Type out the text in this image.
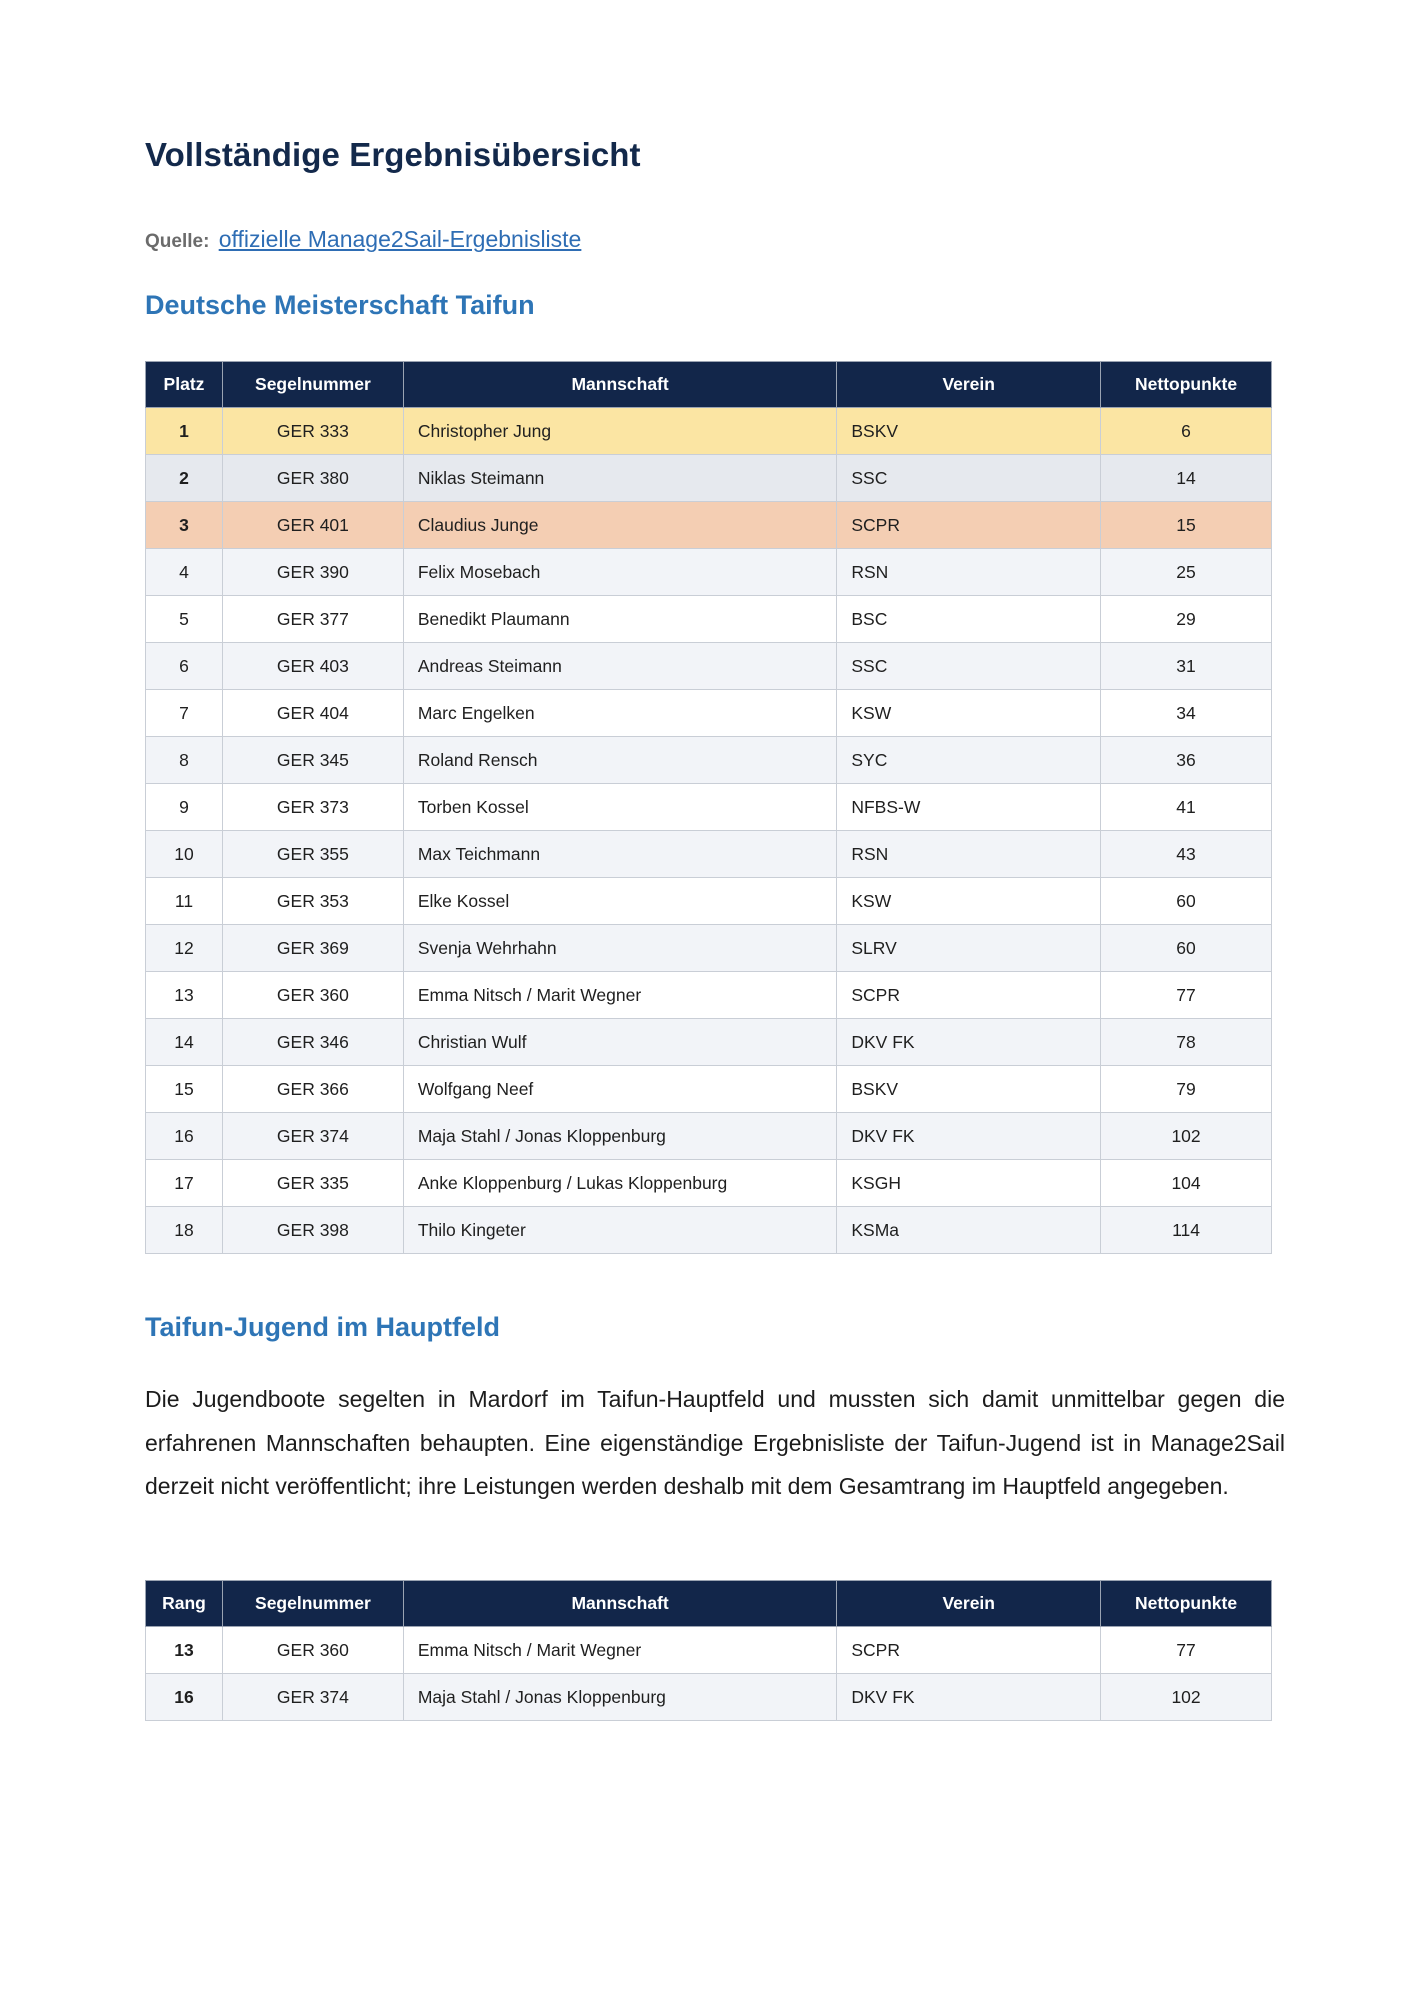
Vollständige Ergebnisübersicht
Quelle: offizielle Manage2Sail-Ergebnisliste
Deutsche Meisterschaft Taifun
Platz	Segelnummer	Mannschaft	Verein	Nettopunkte
1	GER 333	Christopher Jung	BSKV	6
2	GER 380	Niklas Steimann	SSC	14
3	GER 401	Claudius Junge	SCPR	15
4	GER 390	Felix Mosebach	RSN	25
5	GER 377	Benedikt Plaumann	BSC	29
6	GER 403	Andreas Steimann	SSC	31
7	GER 404	Marc Engelken	KSW	34
8	GER 345	Roland Rensch	SYC	36
9	GER 373	Torben Kossel	NFBS-W	41
10	GER 355	Max Teichmann	RSN	43
11	GER 353	Elke Kossel	KSW	60
12	GER 369	Svenja Wehrhahn	SLRV	60
13	GER 360	Emma Nitsch / Marit Wegner	SCPR	77
14	GER 346	Christian Wulf	DKV FK	78
15	GER 366	Wolfgang Neef	BSKV	79
16	GER 374	Maja Stahl / Jonas Kloppenburg	DKV FK	102
17	GER 335	Anke Kloppenburg / Lukas Kloppenburg	KSGH	104
18	GER 398	Thilo Kingeter	KSMa	114
Taifun-Jugend im Hauptfeld

Die Jugendboote segelten in Mardorf im Taifun-Hauptfeld und mussten sich damit unmittelbar gegen die erfahrenen Mannschaften behaupten. Eine eigenständige Ergebnisliste der Taifun-Jugend ist in Manage2Sail derzeit nicht veröffentlicht; ihre Leistungen werden deshalb mit dem Gesamtrang im Hauptfeld angegeben.

Rang	Segelnummer	Mannschaft	Verein	Nettopunkte
13	GER 360	Emma Nitsch / Marit Wegner	SCPR	77
16	GER 374	Maja Stahl / Jonas Kloppenburg	DKV FK	102
